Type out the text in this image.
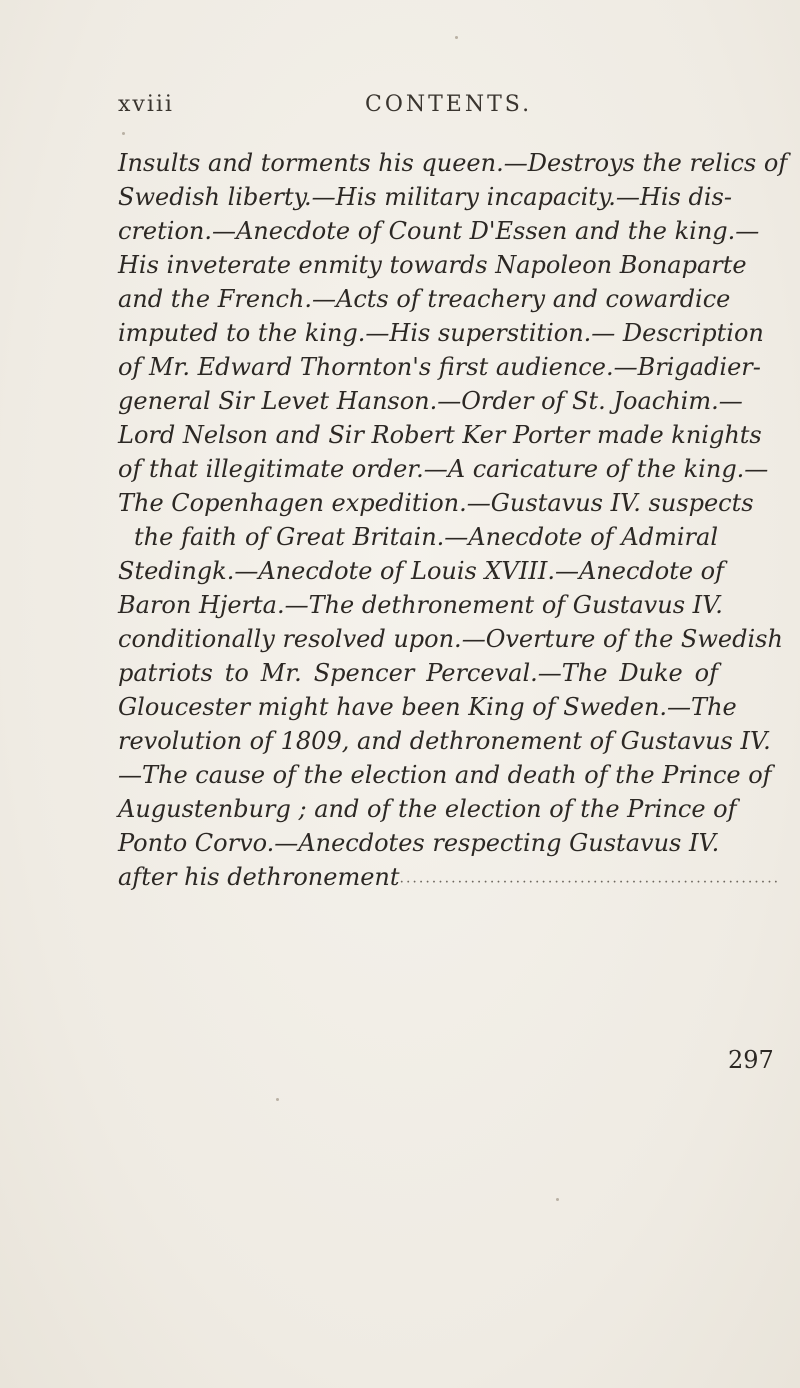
xviii	CONTENTS.
Insults and torments his queen.—Destroys the relics of
Swedish liberty.—His military incapacity.—His dis-
cretion.—Anecdote of Count D'Essen and the king.—
His inveterate enmity towards Napoleon Bonaparte
and the French.—Acts of treachery and cowardice
imputed to the king.—His superstition.— Description
of Mr. Edward Thornton's first audience.—Brigadier-
general Sir Levet Hanson.—Order of St. Joachim.—
Lord Nelson and Sir Robert Ker Porter made knights
of that illegitimate order.—A caricature of the king.—
The Copenhagen expedition.—Gustavus IV. suspects
the faith of Great Britain.—Anecdote of Admiral
Stedingk.—Anecdote of Louis XVIII.—Anecdote of
Baron Hjerta.—The dethronement of Gustavus IV.
conditionally resolved upon.—Overture of the Swedish
patriots to Mr. Spencer Perceval.—The Duke of
Gloucester might have been King of Sweden.—The
revolution of 1809, and dethronement of Gustavus IV.
—The cause of the election and death of the Prince of
Augustenburg ; and of the election of the Prince of
Ponto Corvo.—Anecdotes respecting Gustavus IV.
after his dethronement...........................................................
297
